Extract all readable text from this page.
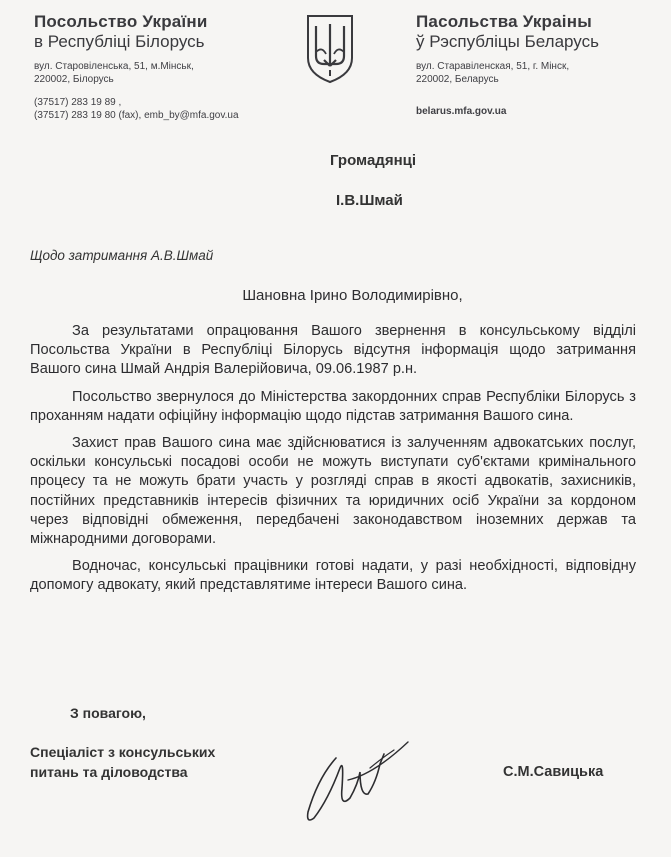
Посольство України
в Республіці Білорусь
вул. Старовіленська, 51, м.Мінськ,
220002, Білорусь
(37517) 283 19 89 ,
(37517) 283 19 80 (fax), emb_by@mfa.gov.ua
Пасольства Украіны
ў Рэспубліцы Беларусь
вул. Старавіленская, 51, г. Мінск,
220002, Беларусь
belarus.mfa.gov.ua
Громадянці
І.В.Шмай
Щодо затримання А.В.Шмай
Шановна Ірино Володимирівно,

За результатами опрацювання Вашого звернення в консульському відділі Посольства України в Республіці Білорусь відсутня інформація щодо затримання Вашого сина Шмай Андрія Валерійовича, 09.06.1987 р.н.

Посольство звернулося до Міністерства закордонних справ Республіки Білорусь з проханням надати офіційну інформацію щодо підстав затримання Вашого сина.

Захист прав Вашого сина має здійснюватися із залученням адвокатських послуг, оскільки консульські посадові особи не можуть виступати суб'єктами кримінального процесу та не можуть брати участь у розгляді справ в якості адвокатів, захисників, постійних представників інтересів фізичних та юридичних осіб України за кордоном через відповідні обмеження, передбачені законодавством іноземних держав та міжнародними договорами.

Водночас, консульські працівники готові надати, у разі необхідності, відповідну допомогу адвокату, який представлятиме інтереси Вашого сина.

З повагою,
Спеціаліст з консульських
питань та діловодства	С.М.Савицька
